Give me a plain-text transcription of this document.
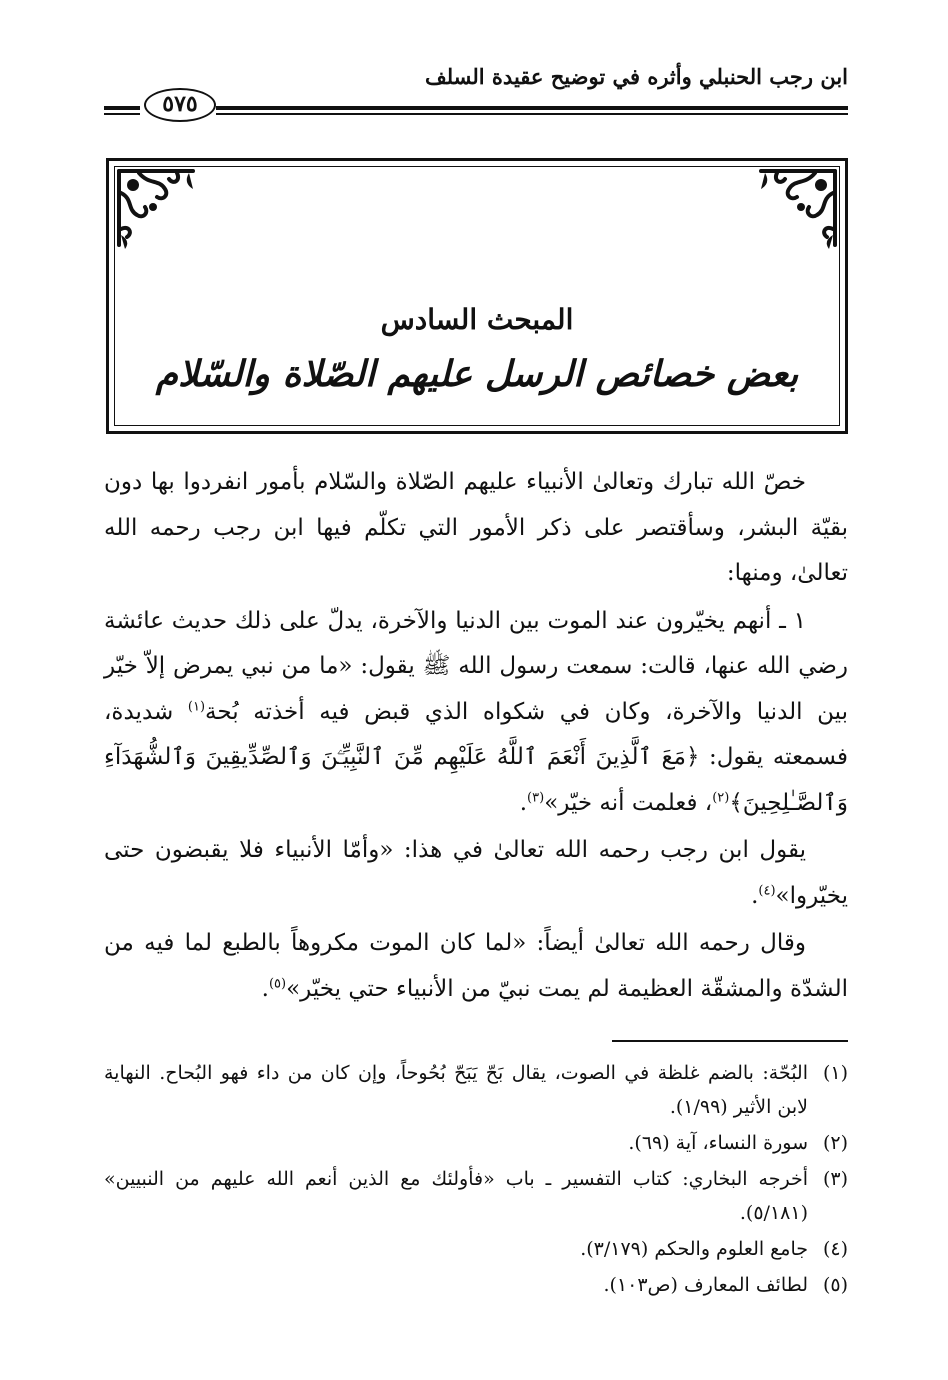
ابن رجب الحنبلي وأثره في توضيح عقيدة السلف
٥٧٥
المبحث السادس
بعض خصائص الرسل عليهم الصّلاة والسّلام

خصّ الله تبارك وتعالىٰ الأنبياء عليهم الصّلاة والسّلام بأمور انفردوا بها دون بقيّة البشر، وسأقتصر على ذكر الأمور التي تكلّم فيها ابن رجب رحمه الله تعالىٰ، ومنها:

١ ـ أنهم يخيّرون عند الموت بين الدنيا والآخرة، يدلّ على ذلك حديث عائشة رضي الله عنها، قالت: سمعت رسول الله ﷺ يقول: «ما من نبي يمرض إلاّ خيّر بين الدنيا والآخرة، وكان في شكواه الذي قبض فيه أخذته بُحة$^{(١)}$ شديدة، فسمعته يقول: ﴿مَعَ ٱلَّذِينَ أَنْعَمَ ٱللَّهُ عَلَيْهِم مِّنَ ٱلنَّبِيِّـۧنَ وَٱلصِّدِّيقِينَ وَٱلشُّهَدَآءِ وَٱلصَّـٰلِحِينَ﴾$^{(٢)}$، فعلمت أنه خيّر»$^{(٣)}$.

يقول ابن رجب رحمه الله تعالىٰ في هذا: «وأمّا الأنبياء فلا يقبضون حتى يخيّروا»$^{(٤)}$.

وقال رحمه الله تعالىٰ أيضاً: «لما كان الموت مكروهاً بالطبع لما فيه من الشدّة والمشقّة العظيمة لم يمت نبيّ من الأنبياء حتي يخيّر»$^{(٥)}$.

(١)
البُحّة: بالضم غلظة في الصوت، يقال بَحّ يَبَحّ بُحُوحاً، وإن كان من داء فهو البُحاح. النهاية لابن الأثير (١/٩٩).
(٢)
سورة النساء، آية (٦٩).
(٣)
أخرجه البخاري: كتاب التفسير ـ باب «فأولئك مع الذين أنعم الله عليهم من النبيين» (٥/١٨١).
(٤)
جامع العلوم والحكم (٣/١٧٩).
(٥)
لطائف المعارف (ص١٠٣).
